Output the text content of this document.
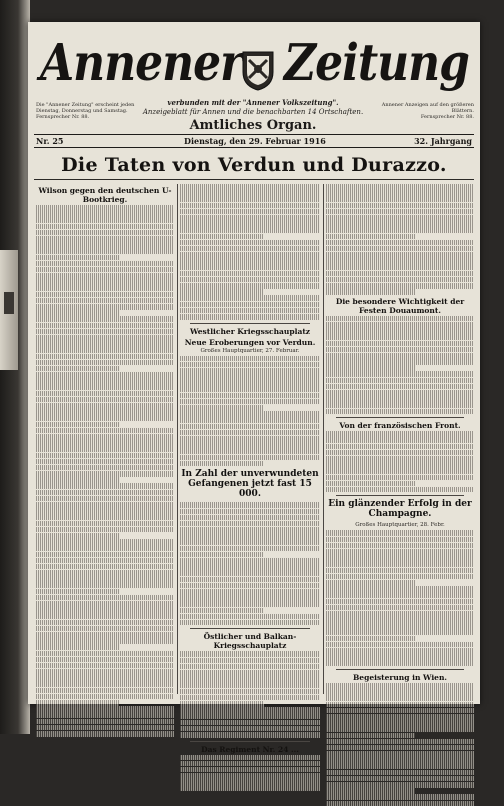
Annener Zeitung
Die "Annener Zeitung" erscheint jeden Dienstag, Donnerstag und Samstag.
Fernsprecher Nr. 88.
Annener Anzeigen auf den größeren Blättern.
Fernsprecher Nr. 88.
verbunden mit der "Annener Volkszeitung".
Anzeigeblatt für Annen und die benachbarten 14 Ortschaften.
Amtliches Organ.
Nr. 25	Dienstag, den 29. Februar 1916	32. Jahrgang
Die Taten von Verdun und Durazzo.
Wilson gegen den deutschen U-Bootkrieg.
Westlicher Kriegsschauplatz
Neue Eroberungen vor Verdun.
Großes Hauptquartier, 27. Februar.
In Zahl der unverwundeten Gefangenen jetzt fast 15 000.
Östlicher und Balkan-Kriegsschauplatz
Das Regiment Nr. 24 ...
Die besondere Wichtigkeit der Festen Douaumont.
Von der französischen Front.
Ein glänzender Erfolg in der Champagne.
Großes Hauptquartier, 28. Febr.
Begeisterung in Wien.
